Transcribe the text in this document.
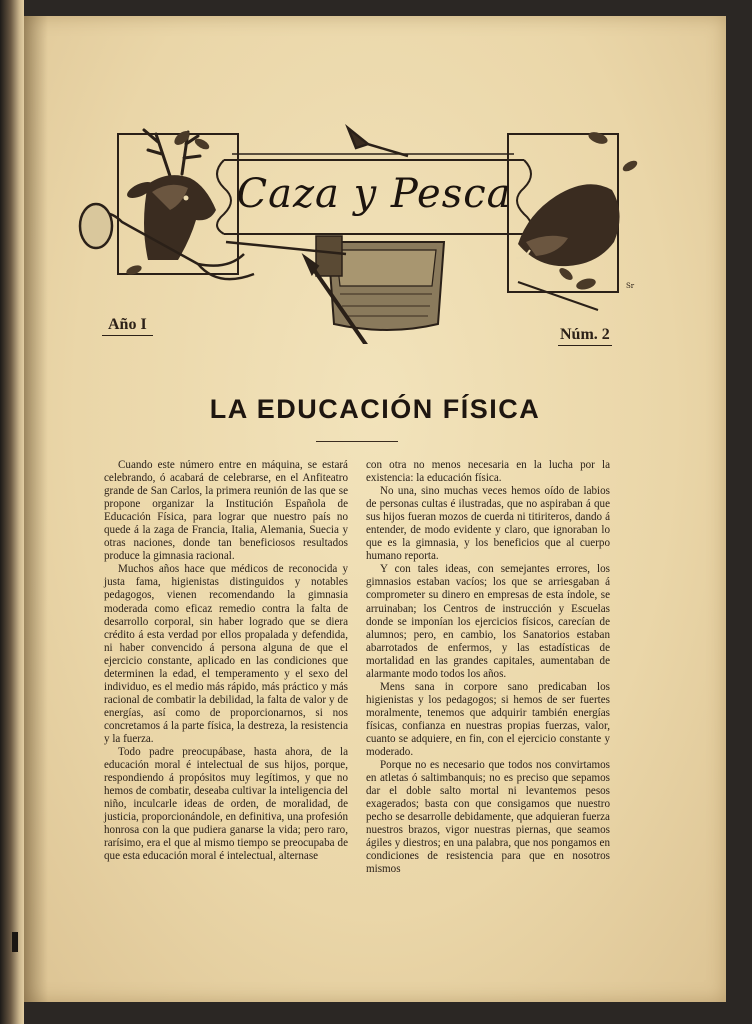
Sr
Caza y Pesca
Año I
Núm. 2
LA EDUCACIÓN FÍSICA

Cuando este número entre en máquina, se estará celebrando, ó acabará de celebrarse, en el Anfiteatro grande de San Carlos, la primera reunión de las que se propone organizar la Institución Española de Educación Física, para lograr que nuestro país no quede á la zaga de Francia, Italia, Alemania, Suecia y otras naciones, donde tan beneficiosos resultados produce la gimnasia racional.

Muchos años hace que médicos de reconocida y justa fama, higienistas distinguidos y notables pedagogos, vienen recomendando la gimnasia moderada como eficaz remedio contra la falta de desarrollo corporal, sin haber logrado que se diera crédito á esta verdad por ellos propalada y defendida, ni haber convencido á persona alguna de que el ejercicio constante, aplicado en las condiciones que determinen la edad, el temperamento y el sexo del individuo, es el medio más rápido, más práctico y más racional de combatir la debilidad, la falta de valor y de energías, así como de proporcionarnos, si nos concretamos á la parte física, la destreza, la resistencia y la fuerza.

Todo padre preocupábase, hasta ahora, de la educación moral é intelectual de sus hijos, porque, respondiendo á propósitos muy legítimos, y que no hemos de combatir, deseaba cultivar la inteligencia del niño, inculcarle ideas de orden, de moralidad, de justicia, proporcionándole, en definitiva, una profesión honrosa con la que pudiera ganarse la vida; pero raro, rarísimo, era el que al mismo tiempo se preocupaba de que esta educación moral é intelectual, alternase

con otra no menos necesaria en la lucha por la existencia: la educación física.

No una, sino muchas veces hemos oído de labios de personas cultas é ilustradas, que no aspiraban á que sus hijos fueran mozos de cuerda ni titiriteros, dando á entender, de modo evidente y claro, que ignoraban lo que es la gimnasia, y los beneficios que al cuerpo humano reporta.

Y con tales ideas, con semejantes errores, los gimnasios estaban vacíos; los que se arriesgaban á comprometer su dinero en empresas de esta índole, se arruinaban; los Centros de instrucción y Escuelas donde se imponían los ejercicios físicos, carecían de alumnos; pero, en cambio, los Sanatorios estaban abarrotados de enfermos, y las estadísticas de mortalidad en las grandes capitales, aumentaban de alarmante modo todos los años.

Mens sana in corpore sano predicaban los higienistas y los pedagogos; si hemos de ser fuertes moralmente, tenemos que adquirir también energías físicas, confianza en nuestras propias fuerzas, valor, cuanto se adquiere, en fin, con el ejercicio constante y moderado.

Porque no es necesario que todos nos convirtamos en atletas ó saltimbanquis; no es preciso que sepamos dar el doble salto mortal ni levantemos pesos exagerados; basta con que consigamos que nuestro pecho se desarrolle debidamente, que adquieran fuerza nuestros brazos, vigor nuestras piernas, que seamos ágiles y diestros; en una palabra, que nos pongamos en condiciones de resistencia para que en nosotros mismos
